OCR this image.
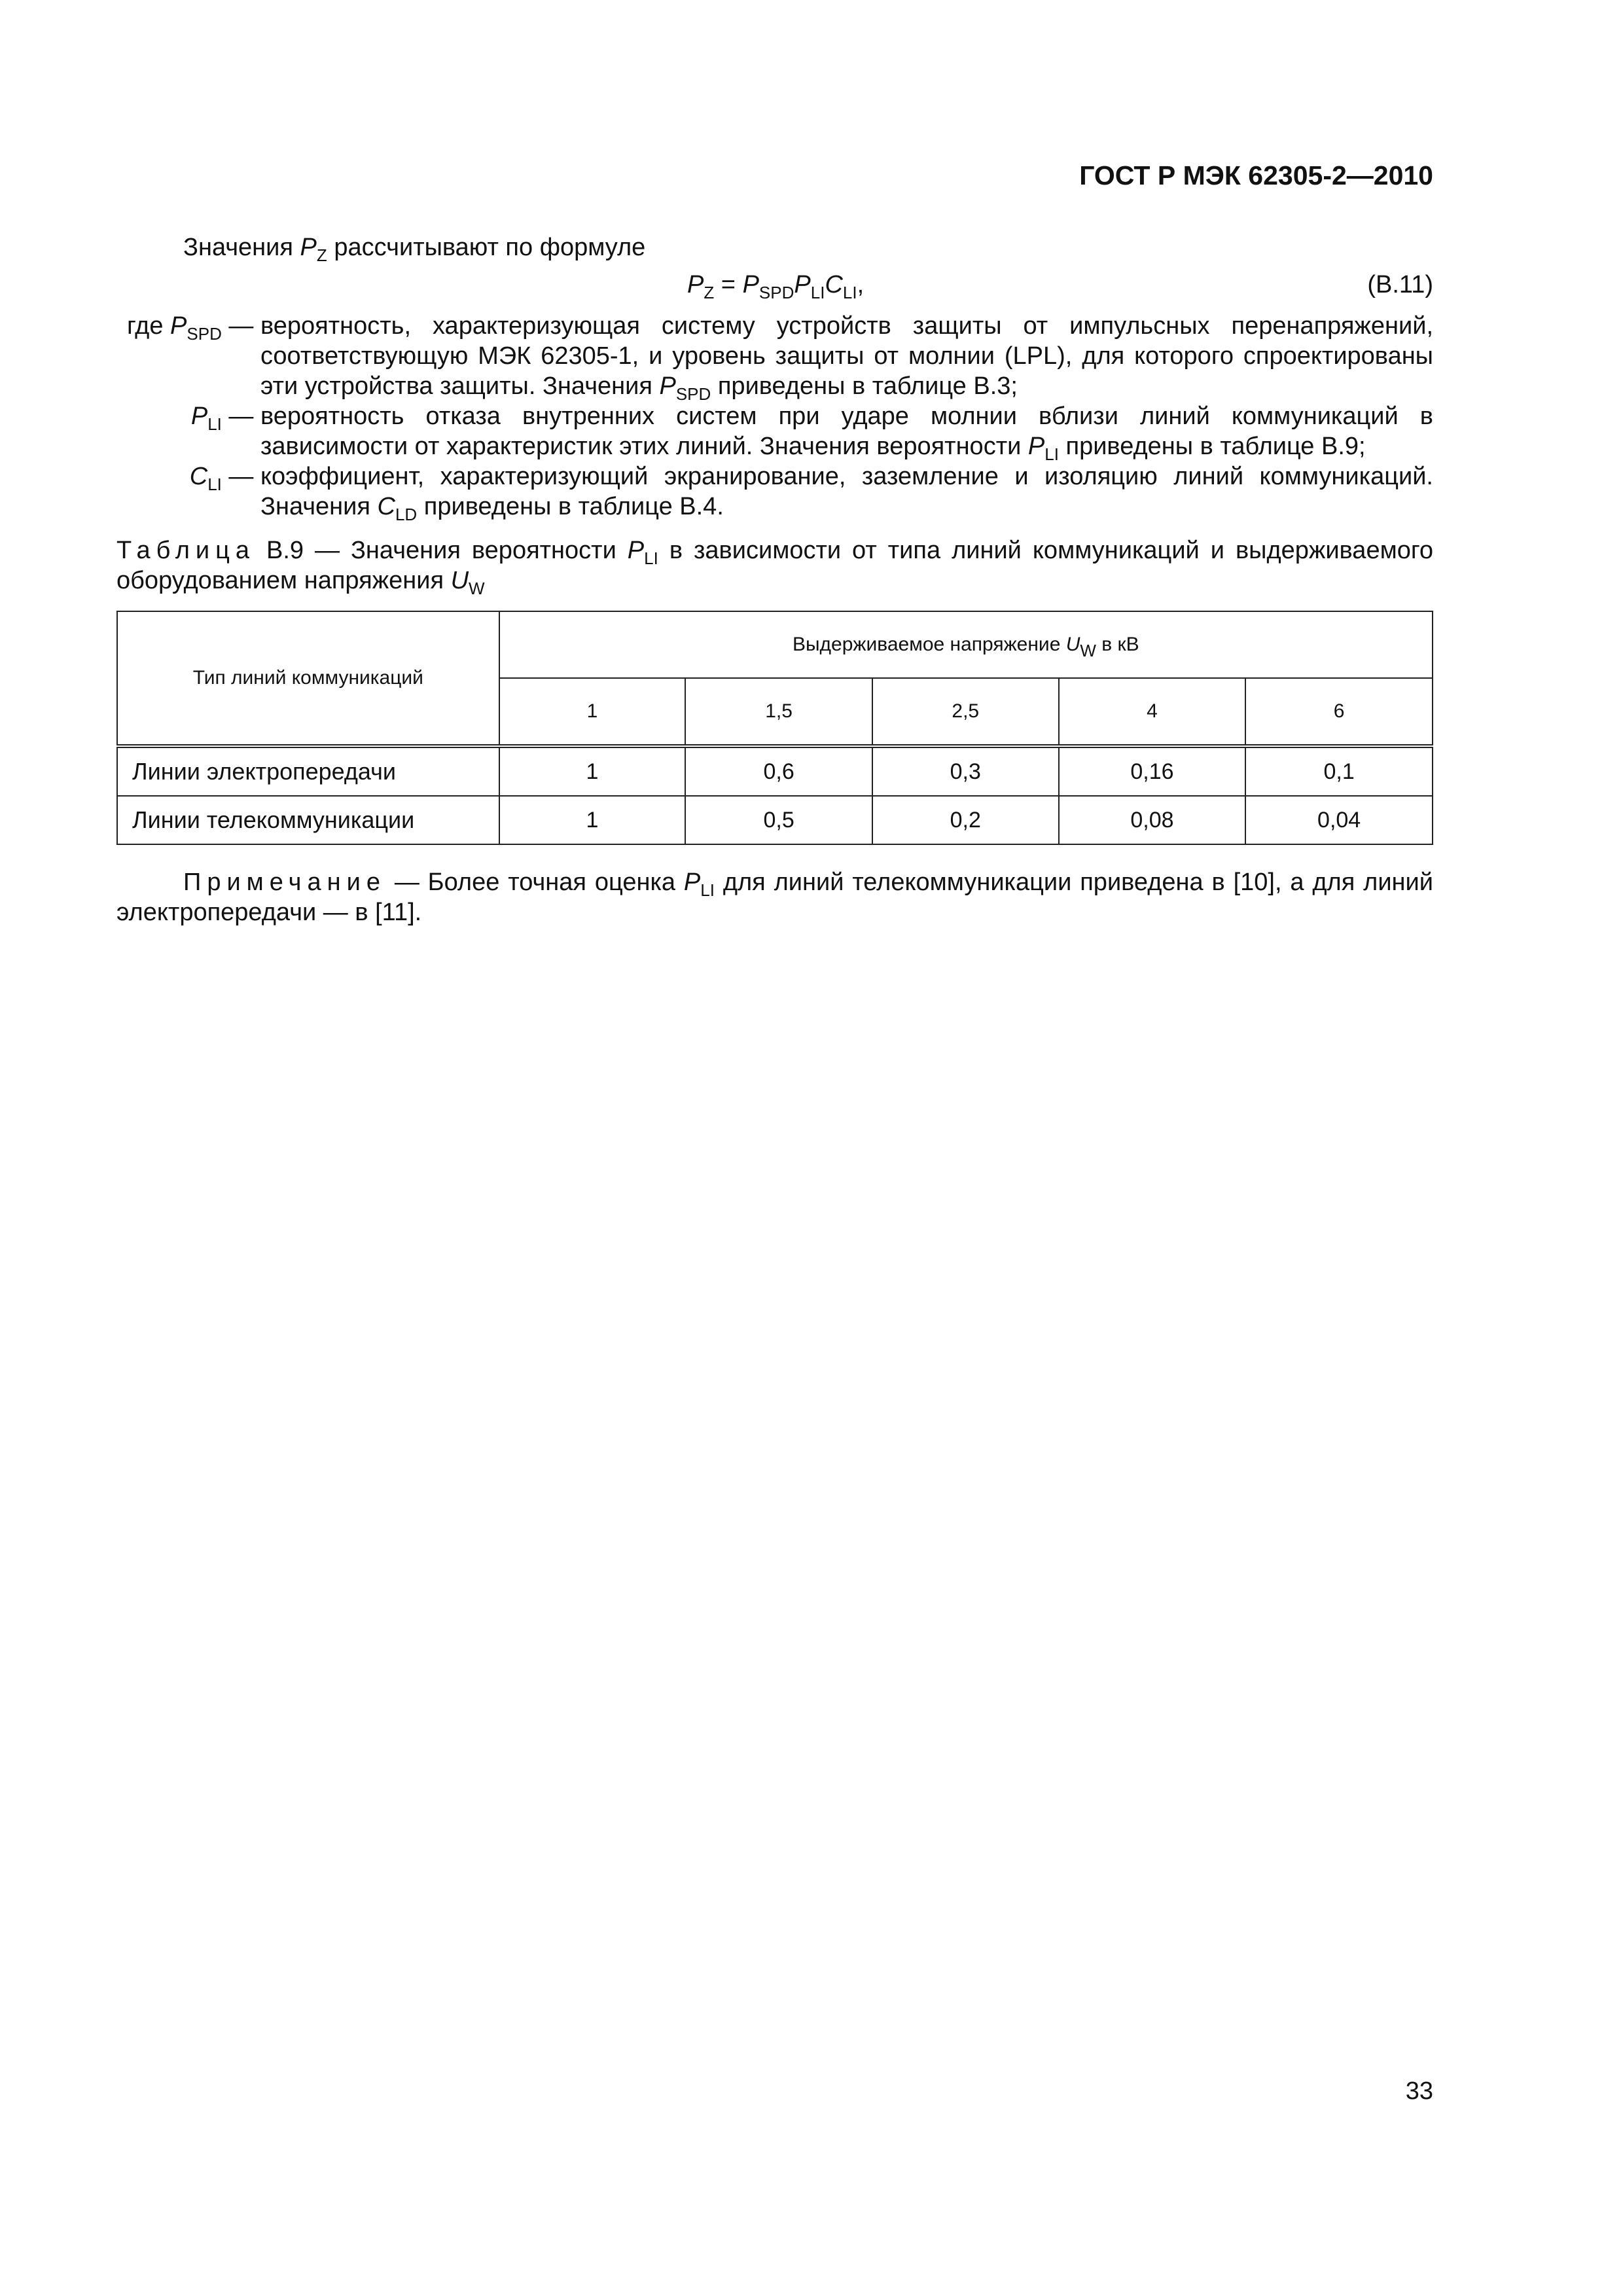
ГОСТ Р МЭК 62305-2—2010
Значения $P_Z$ рассчитывают по формуле
$P_Z = P_{SPD}P_{LI}C_{LI}$,	(В.11)
где $P_{SPD}$ — вероятность, характеризующая систему устройств защиты от импульсных перенапряжений, соответствующую МЭК 62305-1, и уровень защиты от молнии (LPL), для которого спроектированы эти устройства защиты. Значения $P_{SPD}$ приведены в таблице В.3;
$P_{LI}$ — вероятность отказа внутренних систем при ударе молнии вблизи линий коммуникаций в зависимости от характеристик этих линий. Значения вероятности $P_{LI}$ приведены в таблице В.9;
$C_{LI}$ — коэффициент, характеризующий экранирование, заземление и изоляцию линий коммуникаций. Значения $C_{LD}$ приведены в таблице В.4.
Таблица В.9 — Значения вероятности $P_{LI}$ в зависимости от типа линий коммуникаций и выдерживаемого оборудованием напряжения $U_W$
Тип линий коммуникаций	Выдерживаемое напряжение $U_W$ в кВ				
	1	1,5	2,5	4	6
Линии электропередачи	1	0,6	0,3	0,16	0,1
Линии телекоммуникации	1	0,5	0,2	0,08	0,04
Примечание — Более точная оценка $P_{LI}$ для линий телекоммуникации приведена в [10], а для линий электропередачи — в [11].
33
